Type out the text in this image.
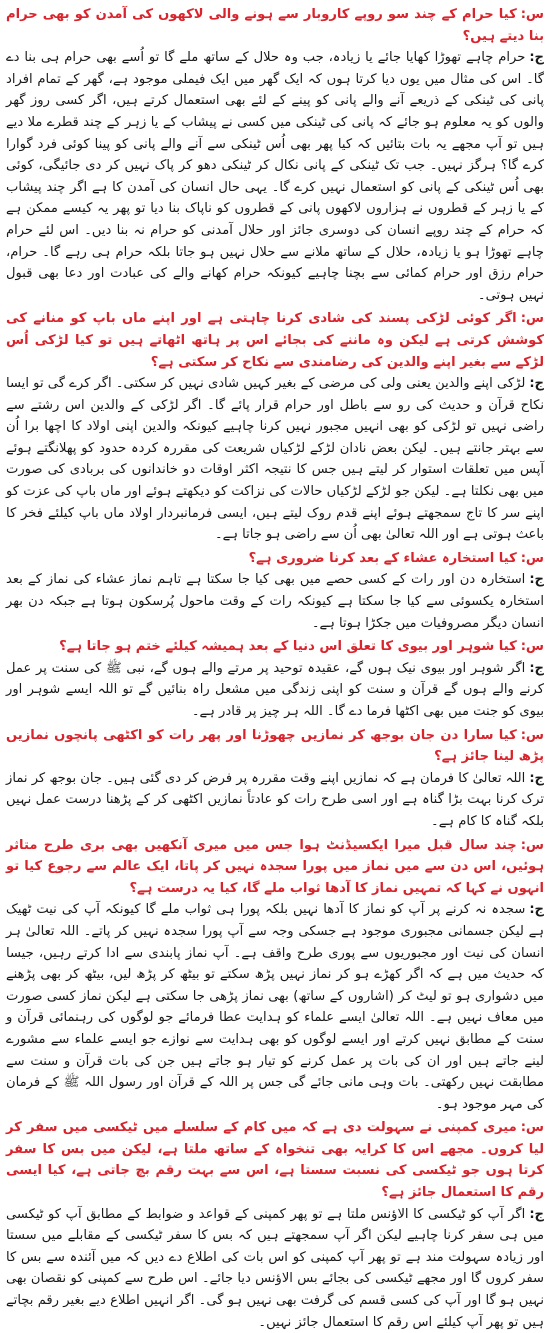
س:کیا حرام کے چند سو روپے کاروبار سے ہونے والی لاکھوں کی آمدن کو بھی حرام بنا دیتے ہیں؟

ج:حرام چاہے تھوڑا کھایا جائے یا زیادہ، جب وہ حلال کے ساتھ ملے گا تو اُسے بھی حرام ہی بنا دے گا۔ اس کی مثال میں یوں دیا کرتا ہوں کہ ایک گھر میں ایک فیملی موجود ہے، گھر کے تمام افراد پانی کی ٹینکی کے ذریعے آنے والے پانی کو پینے کے لئے بھی استعمال کرتے ہیں، اگر کسی روز گھر والوں کو یہ معلوم ہو جائے کہ پانی کی ٹینکی میں کسی نے پیشاب کے یا زہر کے چند قطرے ملا دیے ہیں تو آپ مجھے یہ بات بتائیں کہ کیا پھر بھی اُس ٹینکی سے آنے والے پانی کو پینا کوئی فرد گوارا کرے گا؟ ہرگز نہیں۔ جب تک ٹینکی کے پانی نکال کر ٹینکی دھو کر پاک نہیں کر دی جائیگی، کوئی بھی اُس ٹینکی کے پانی کو استعمال نہیں کرے گا۔ یہی حال انسان کی آمدن کا ہے اگر چند پیشاب کے یا زہر کے قطروں نے ہزاروں لاکھوں پانی کے قطروں کو ناپاک بنا دیا تو پھر یہ کیسے ممکن ہے کہ حرام کے چند روپے انسان کی دوسری جائز اور حلال آمدنی کو حرام نہ بنا دیں۔ اس لئے حرام چاہے تھوڑا ہو یا زیادہ، حلال کے ساتھ ملانے سے حلال نہیں ہو جاتا بلکہ حرام ہی رہے گا۔ حرام، حرام رزق اور حرام کمائی سے بچنا چاہیے کیونکہ حرام کھانے والے کی عبادت اور دعا بھی قبول نہیں ہوتی۔

س:اگر کوئی لڑکی پسند کی شادی کرنا چاہتی ہے اور اپنے ماں باپ کو منانے کی کوشش کرتی ہے لیکن وہ ماننے کی بجائے اس پر ہاتھ اٹھاتے ہیں تو کیا لڑکی اُس لڑکے سے بغیر اپنے والدین کی رضامندی سے نکاح کر سکتی ہے؟

ج:لڑکی اپنے والدین یعنی ولی کی مرضی کے بغیر کہیں شادی نہیں کر سکتی۔ اگر کرے گی تو ایسا نکاح قرآن و حدیث کی رو سے باطل اور حرام قرار پائے گا۔ اگر لڑکی کے والدین اس رشتے سے راضی نہیں تو لڑکی کو بھی انہیں مجبور نہیں کرنا چاہیے کیونکہ والدین اپنی اولاد کا اچھا برا اُن سے بہتر جانتے ہیں۔ لیکن بعض نادان لڑکے لڑکیاں شریعت کی مقررہ کردہ حدود کو پھلانگتے ہوئے آپس میں تعلقات استوار کر لیتے ہیں جس کا نتیجہ اکثر اوقات دو خاندانوں کی بربادی کی صورت میں بھی نکلتا ہے۔ لیکن جو لڑکے لڑکیاں حالات کی نزاکت کو دیکھتے ہوئے اور ماں باپ کی عزت کو اپنے سر کا تاج سمجھتے ہوئے اپنے قدم روک لیتے ہیں، ایسی فرمانبردار اولاد ماں باپ کیلئے فخر کا باعث ہوتی ہے اور اللہ تعالیٰ بھی اُن سے راضی ہو جاتا ہے۔

س:کیا استخارہ عشاء کے بعد کرنا ضروری ہے؟

ج:استخارہ دن اور رات کے کسی حصے میں بھی کیا جا سکتا ہے تاہم نماز عشاء کی نماز کے بعد استخارہ یکسوئی سے کیا جا سکتا ہے کیونکہ رات کے وقت ماحول پُرسکون ہوتا ہے جبکہ دن بھر انسان دیگر مصروفیات میں جکڑا ہوتا ہے۔

س:کیا شوہر اور بیوی کا تعلق اس دنیا کے بعد ہمیشہ کیلئے ختم ہو جاتا ہے؟

ج:اگر شوہر اور بیوی نیک ہوں گے، عقیدہ توحید پر مرتے والے ہوں گے، نبی ﷺ کی سنت پر عمل کرنے والے ہوں گے قرآن و سنت کو اپنی زندگی میں مشعل راہ بنائیں گے تو اللہ ایسے شوہر اور بیوی کو جنت میں بھی اکٹھا فرما دے گا۔ اللہ ہر چیز پر قادر ہے۔

س:کیا سارا دن جان بوجھ کر نمازیں چھوڑنا اور پھر رات کو اکٹھی پانچوں نمازیں پڑھ لینا جائز ہے؟

ج:اللہ تعالیٰ کا فرمان ہے کہ نمازیں اپنے وقت مقررہ پر فرض کر دی گئی ہیں۔ جان بوجھ کر نماز ترک کرنا بہت بڑا گناہ ہے اور اسی طرح رات کو عادتاً نمازیں اکٹھی کر کے پڑھنا درست عمل نہیں بلکہ گناہ کا کام ہے۔

س:چند سال قبل میرا ایکسیڈنٹ ہوا جس میں میری آنکھیں بھی بری طرح متاثر ہوئیں، اس دن سے میں نماز میں پورا سجدہ نہیں کر پاتا، ایک عالم سے رجوع کیا تو انہوں نے کہا کہ تمہیں نماز کا آدھا ثواب ملے گا، کیا یہ درست ہے؟

ج:سجدہ نہ کرنے پر آپ کو نماز کا آدھا نہیں بلکہ پورا ہی ثواب ملے گا کیونکہ آپ کی نیت ٹھیک ہے لیکن جسمانی مجبوری موجود ہے جسکی وجہ سے آپ پورا سجدہ نہیں کر پاتے۔ اللہ تعالیٰ ہر انسان کی نیت اور مجبوریوں سے پوری طرح واقف ہے۔ آپ نماز پابندی سے ادا کرتے رہیں، جیسا کہ حدیث میں ہے کہ اگر کھڑے ہو کر نماز نہیں پڑھ سکتے تو بیٹھ کر پڑھ لیں، بیٹھ کر بھی پڑھنے میں دشواری ہو تو لیٹ کر (اشاروں کے ساتھ) بھی نماز پڑھی جا سکتی ہے لیکن نماز کسی صورت میں معاف نہیں ہے۔ اللہ تعالیٰ ایسے علماء کو ہدایت عطا فرمائے جو لوگوں کی رہنمائی قرآن و سنت کے مطابق نہیں کرتے اور ایسے لوگوں کو بھی ہدایت سے نوازے جو ایسے علماء سے مشورے لینے جاتے ہیں اور ان کی بات پر عمل کرنے کو تیار ہو جاتے ہیں جن کی بات قرآن و سنت سے مطابقت نہیں رکھتی۔ بات وہی مانی جائے گی جس پر اللہ کے قرآن اور رسول اللہ ﷺ کے فرمان کی مہر موجود ہو۔

س:میری کمپنی نے سہولت دی ہے کہ میں کام کے سلسلے میں ٹیکسی میں سفر کر لیا کروں۔ مجھے اس کا کرایہ بھی تنخواہ کے ساتھ ملتا ہے، لیکن میں بس کا سفر کرتا ہوں جو ٹیکسی کی نسبت سستا ہے، اس سے بہت رقم بچ جاتی ہے، کیا ایسی رقم کا استعمال جائز ہے؟

ج:اگر آپ کو ٹیکسی کا الاؤنس ملتا ہے تو پھر کمپنی کے قواعد و ضوابط کے مطابق آپ کو ٹیکسی میں ہی سفر کرنا چاہیے لیکن اگر آپ سمجھتے ہیں کہ بس کا سفر ٹیکسی کے مقابلے میں سستا اور زیادہ سہولت مند ہے تو پھر آپ کمپنی کو اس بات کی اطلاع دے دیں کہ میں آئندہ سے بس کا سفر کروں گا اور مجھے ٹیکسی کی بجائے بس الاؤنس دیا جائے۔ اس طرح سے کمپنی کو نقصان بھی نہیں ہو گا اور آپ کی کسی قسم کی گرفت بھی نہیں ہو گی۔ اگر انہیں اطلاع دیے بغیر رقم بچاتے ہیں تو پھر آپ کیلئے اس رقم کا استعمال جائز نہیں۔
